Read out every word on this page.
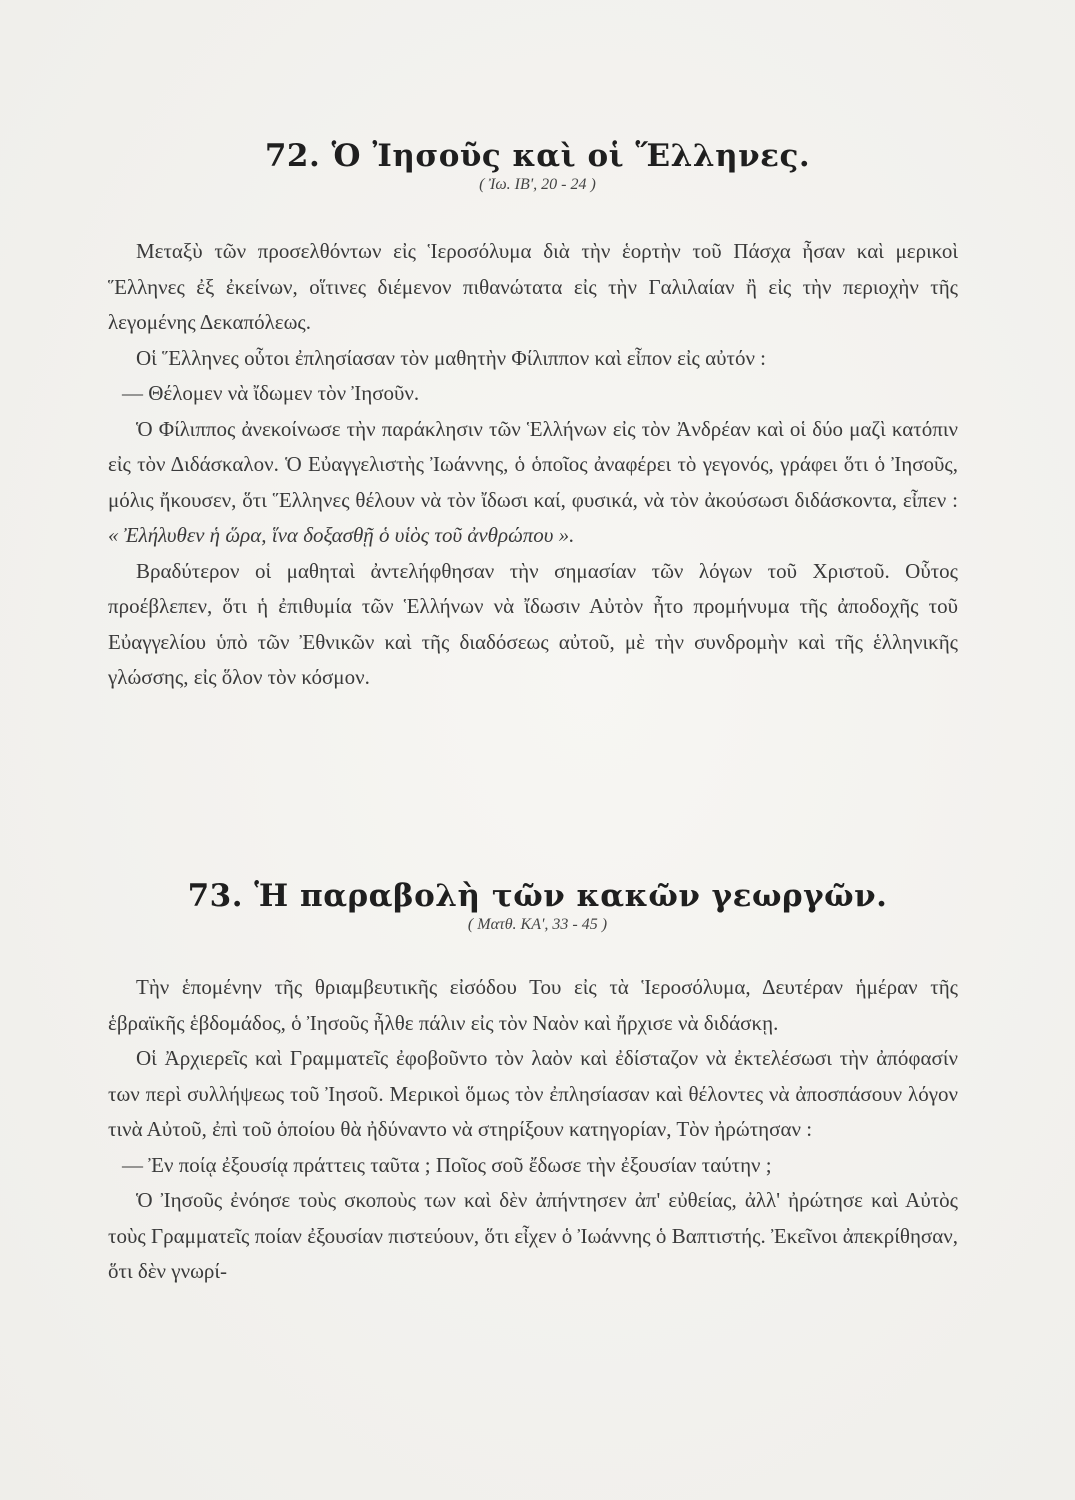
72. Ὁ Ἰησοῦς καὶ οἱ Ἕλληνες.
( Ἰω. ΙΒ', 20 - 24 )

Μεταξὺ τῶν προσελθόντων εἰς Ἱεροσόλυμα διὰ τὴν ἑορτὴν τοῦ Πάσχα ἦσαν καὶ μερικοὶ Ἕλληνες ἐξ ἐκείνων, οἵτινες διέμενον πιθανώτατα εἰς τὴν Γαλιλαίαν ἢ εἰς τὴν περιοχὴν τῆς λεγομένης Δεκαπόλεως.

Οἱ Ἕλληνες οὗτοι ἐπλησίασαν τὸν μαθητὴν Φίλιππον καὶ εἶπον εἰς αὐτόν :

— Θέλομεν νὰ ἴδωμεν τὸν Ἰησοῦν.

Ὁ Φίλιππος ἀνεκοίνωσε τὴν παράκλησιν τῶν Ἑλλήνων εἰς τὸν Ἀνδρέαν καὶ οἱ δύο μαζὶ κατόπιν εἰς τὸν Διδάσκαλον. Ὁ Εὐαγγελιστὴς Ἰωάννης, ὁ ὁποῖος ἀναφέρει τὸ γεγονός, γράφει ὅτι ὁ Ἰησοῦς, μόλις ἤκουσεν, ὅτι Ἕλληνες θέλουν νὰ τὸν ἴδωσι καί, φυσικά, νὰ τὸν ἀκούσωσι διδάσκοντα, εἶπεν : « Ἐλήλυθεν ἡ ὥρα, ἵνα δοξασθῇ ὁ υἱὸς τοῦ ἀνθρώπου ».

Βραδύτερον οἱ μαθηταὶ ἀντελήφθησαν τὴν σημασίαν τῶν λόγων τοῦ Χριστοῦ. Οὗτος προέβλεπεν, ὅτι ἡ ἐπιθυμία τῶν Ἑλλήνων νὰ ἴδωσιν Αὐτὸν ἦτο προμήνυμα τῆς ἀποδοχῆς τοῦ Εὐαγγελίου ὑπὸ τῶν Ἐθνικῶν καὶ τῆς διαδόσεως αὐτοῦ, μὲ τὴν συνδρομὴν καὶ τῆς ἑλληνικῆς γλώσσης, εἰς ὅλον τὸν κόσμον.

73. Ἡ παραβολὴ τῶν κακῶν γεωργῶν.
( Ματθ. ΚΑ', 33 - 45 )

Τὴν ἑπομένην τῆς θριαμβευτικῆς εἰσόδου Του εἰς τὰ Ἱεροσόλυμα, Δευτέραν ἡμέραν τῆς ἑβραϊκῆς ἑβδομάδος, ὁ Ἰησοῦς ἦλθε πάλιν εἰς τὸν Ναὸν καὶ ἤρχισε νὰ διδάσκῃ.

Οἱ Ἀρχιερεῖς καὶ Γραμματεῖς ἐφοβοῦντο τὸν λαὸν καὶ ἐδίσταζον νὰ ἐκτελέσωσι τὴν ἀπόφασίν των περὶ συλλήψεως τοῦ Ἰησοῦ. Μερικοὶ ὅμως τὸν ἐπλησίασαν καὶ θέλοντες νὰ ἀποσπάσουν λόγον τινὰ Αὐτοῦ, ἐπὶ τοῦ ὁποίου θὰ ἠδύναντο νὰ στηρίξουν κατηγορίαν, Τὸν ἠρώτησαν :

— Ἐν ποίᾳ ἐξουσίᾳ πράττεις ταῦτα ; Ποῖος σοῦ ἔδωσε τὴν ἐξουσίαν ταύτην ;

Ὁ Ἰησοῦς ἐνόησε τοὺς σκοποὺς των καὶ δὲν ἀπήντησεν ἀπ' εὐθείας, ἀλλ' ἠρώτησε καὶ Αὐτὸς τοὺς Γραμματεῖς ποίαν ἐξουσίαν πιστεύουν, ὅτι εἶχεν ὁ Ἰωάννης ὁ Βαπτιστής. Ἐκεῖνοι ἀπεκρίθησαν, ὅτι δὲν γνωρί-
